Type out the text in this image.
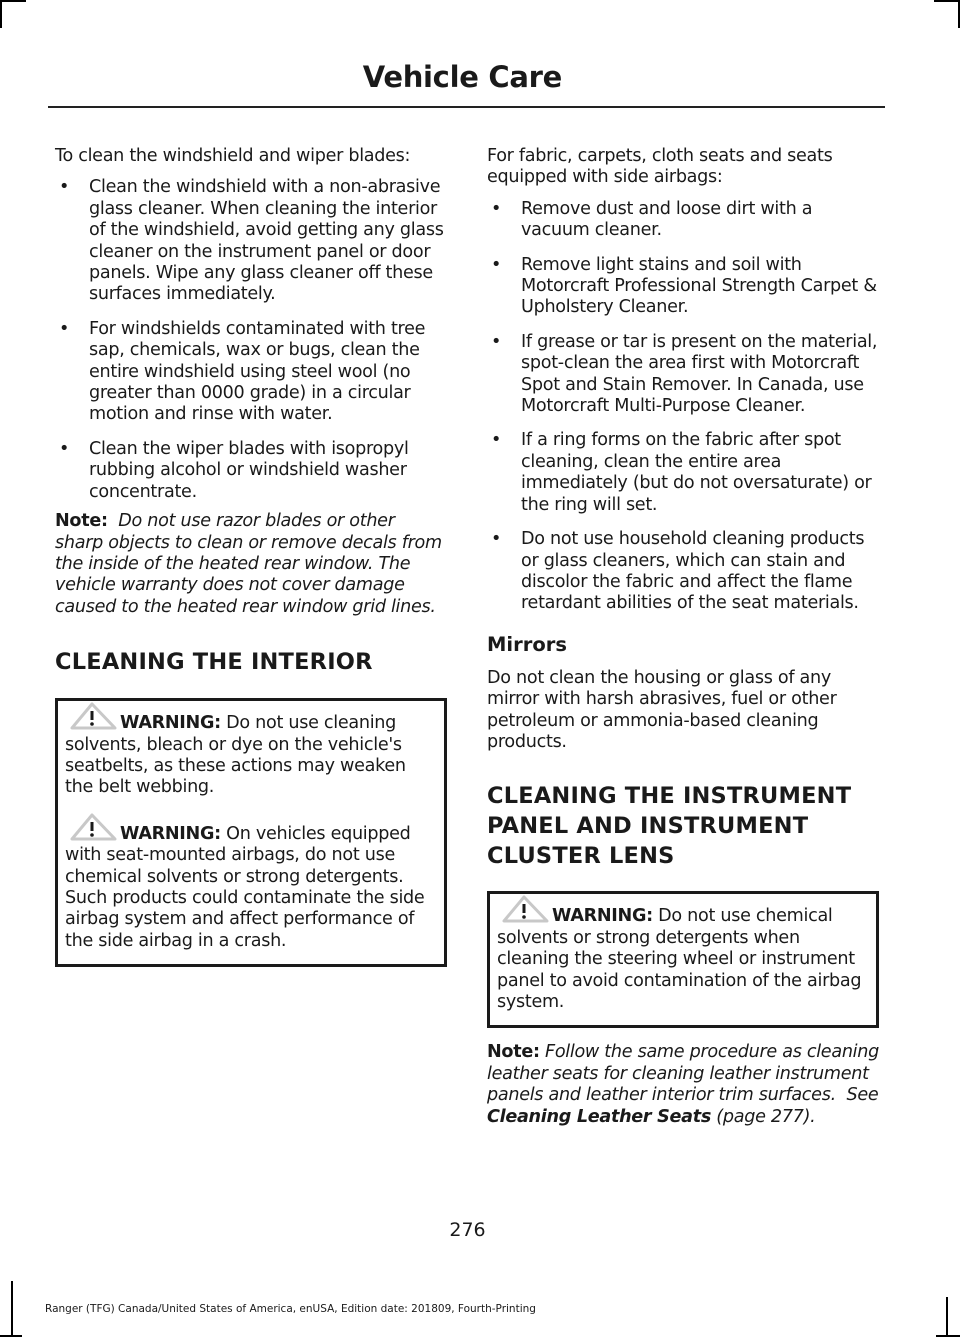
Vehicle Care

To clean the windshield and wiper blades:

• Clean the windshield with a non-abrasive glass cleaner. When cleaning the interior of the windshield, avoid getting any glass cleaner on the instrument panel or door panels. Wipe any glass cleaner off these surfaces immediately.
• For windshields contaminated with tree sap, chemicals, wax or bugs, clean the entire windshield using steel wool (no greater than 0000 grade) in a circular motion and rinse with water.
• Clean the wiper blades with isopropyl rubbing alcohol or windshield washer concentrate.

Note: Do not use razor blades or other sharp objects to clean or remove decals from the inside of the heated rear window. The vehicle warranty does not cover damage caused to the heated rear window grid lines.

CLEANING THE INTERIOR

WARNING: Do not use cleaning solvents, bleach or dye on the vehicle's seatbelts, as these actions may weaken the belt webbing.

WARNING: On vehicles equipped with seat-mounted airbags, do not use chemical solvents or strong detergents. Such products could contaminate the side airbag system and affect performance of the side airbag in a crash.

For fabric, carpets, cloth seats and seats equipped with side airbags:

• Remove dust and loose dirt with a vacuum cleaner.
• Remove light stains and soil with Motorcraft Professional Strength Carpet & Upholstery Cleaner.
• If grease or tar is present on the material, spot-clean the area first with Motorcraft Spot and Stain Remover. In Canada, use Motorcraft Multi-Purpose Cleaner.
• If a ring forms on the fabric after spot cleaning, clean the entire area immediately (but do not oversaturate) or the ring will set.
• Do not use household cleaning products or glass cleaners, which can stain and discolor the fabric and affect the flame retardant abilities of the seat materials.
Mirrors

Do not clean the housing or glass of any mirror with harsh abrasives, fuel or other petroleum or ammonia-based cleaning products.

CLEANING THE INSTRUMENT
PANEL AND INSTRUMENT
CLUSTER LENS

WARNING: Do not use chemical solvents or strong detergents when cleaning the steering wheel or instrument panel to avoid contamination of the airbag system.

Note: Follow the same procedure as cleaning leather seats for cleaning leather instrument panels and leather interior trim surfaces. See Cleaning Leather Seats (page 277).

276
Ranger (TFG) Canada/United States of America, enUSA, Edition date: 201809, Fourth-Printing
